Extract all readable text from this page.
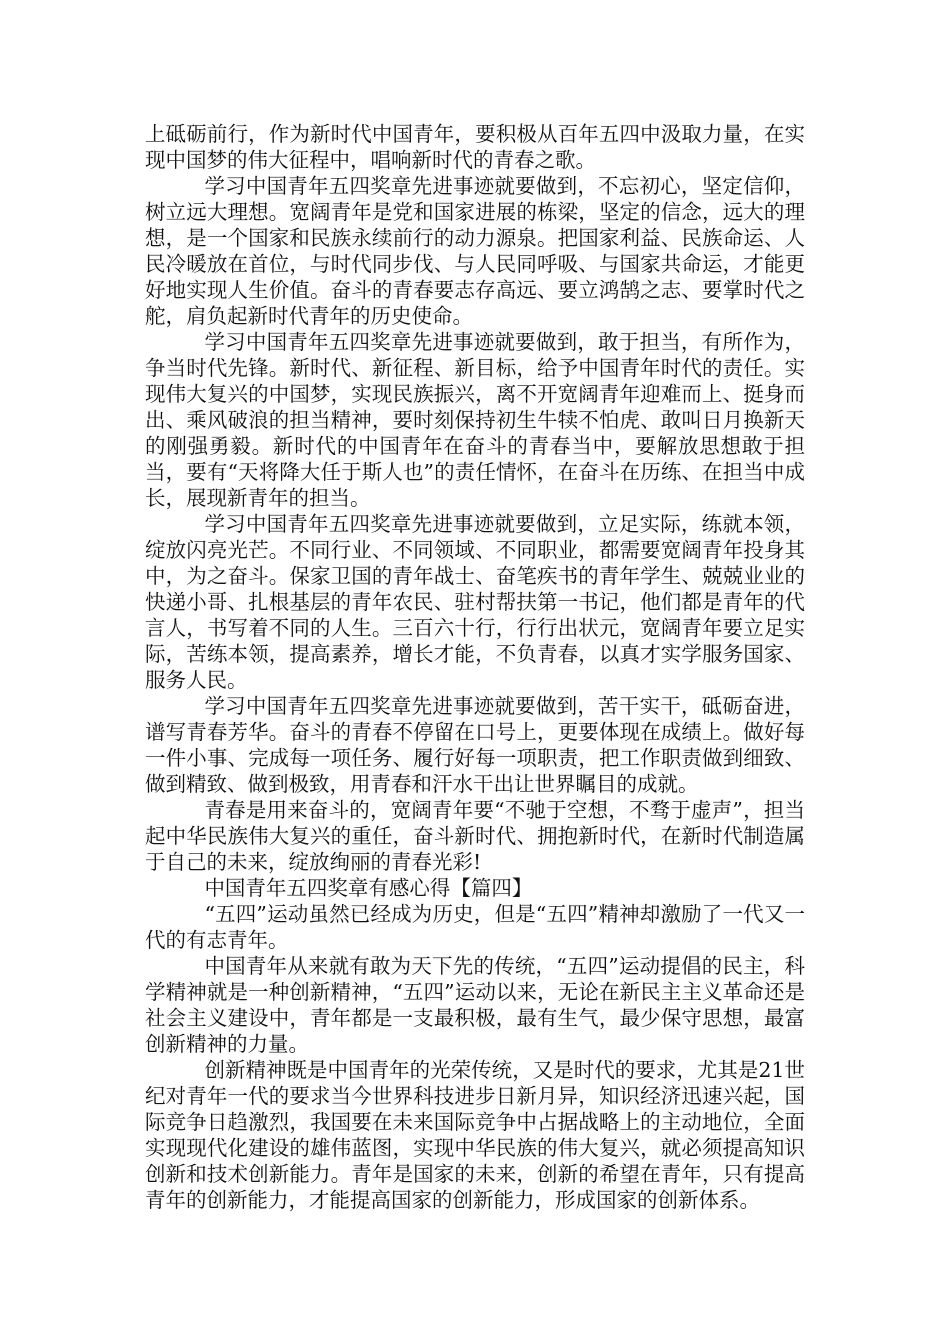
上砥砺前行，作为新时代中国青年，要积极从百年五四中汲取力量，在实现中国梦的伟大征程中，唱响新时代的青春之歌。

学习中国青年五四奖章先进事迹就要做到，不忘初心，坚定信仰，树立远大理想。宽阔青年是党和国家进展的栋梁，坚定的信念，远大的理想，是一个国家和民族永续前行的动力源泉。把国家利益、民族命运、人民冷暖放在首位，与时代同步伐、与人民同呼吸、与国家共命运，才能更好地实现人生价值。奋斗的青春要志存高远、要立鸿鹄之志、要掌时代之舵，肩负起新时代青年的历史使命。

学习中国青年五四奖章先进事迹就要做到，敢于担当，有所作为，争当时代先锋。新时代、新征程、新目标，给予中国青年时代的责任。实现伟大复兴的中国梦，实现民族振兴，离不开宽阔青年迎难而上、挺身而出、乘风破浪的担当精神，要时刻保持初生牛犊不怕虎、敢叫日月换新天的刚强勇毅。新时代的中国青年在奋斗的青春当中，要解放思想敢于担当，要有“天将降大任于斯人也”的责任情怀，在奋斗在历练、在担当中成长，展现新青年的担当。

学习中国青年五四奖章先进事迹就要做到，立足实际，练就本领，绽放闪亮光芒。不同行业、不同领域、不同职业，都需要宽阔青年投身其中，为之奋斗。保家卫国的青年战士、奋笔疾书的青年学生、兢兢业业的快递小哥、扎根基层的青年农民、驻村帮扶第一书记，他们都是青年的代言人，书写着不同的人生。三百六十行，行行出状元，宽阔青年要立足实际，苦练本领，提高素养，增长才能，不负青春，以真才实学服务国家、服务人民。

学习中国青年五四奖章先进事迹就要做到，苦干实干，砥砺奋进，谱写青春芳华。奋斗的青春不停留在口号上，更要体现在成绩上。做好每一件小事、完成每一项任务、履行好每一项职责，把工作职责做到细致、做到精致、做到极致，用青春和汗水干出让世界瞩目的成就。

青春是用来奋斗的，宽阔青年要“不驰于空想，不骛于虚声”，担当起中华民族伟大复兴的重任，奋斗新时代、拥抱新时代，在新时代制造属于自己的未来，绽放绚丽的青春光彩!

中国青年五四奖章有感心得【篇四】

“五四”运动虽然已经成为历史，但是“五四”精神却激励了一代又一代的有志青年。

中国青年从来就有敢为天下先的传统，“五四”运动提倡的民主，科学精神就是一种创新精神，“五四”运动以来，无论在新民主主义革命还是社会主义建设中，青年都是一支最积极，最有生气，最少保守思想，最富创新精神的力量。

创新精神既是中国青年的光荣传统，又是时代的要求，尤其是21世纪对青年一代的要求当今世界科技进步日新月异，知识经济迅速兴起，国际竞争日趋激烈，我国要在未来国际竞争中占据战略上的主动地位，全面实现现代化建设的雄伟蓝图，实现中华民族的伟大复兴，就必须提高知识创新和技术创新能力。青年是国家的未来，创新的希望在青年，只有提高青年的创新能力，才能提高国家的创新能力，形成国家的创新体系。
